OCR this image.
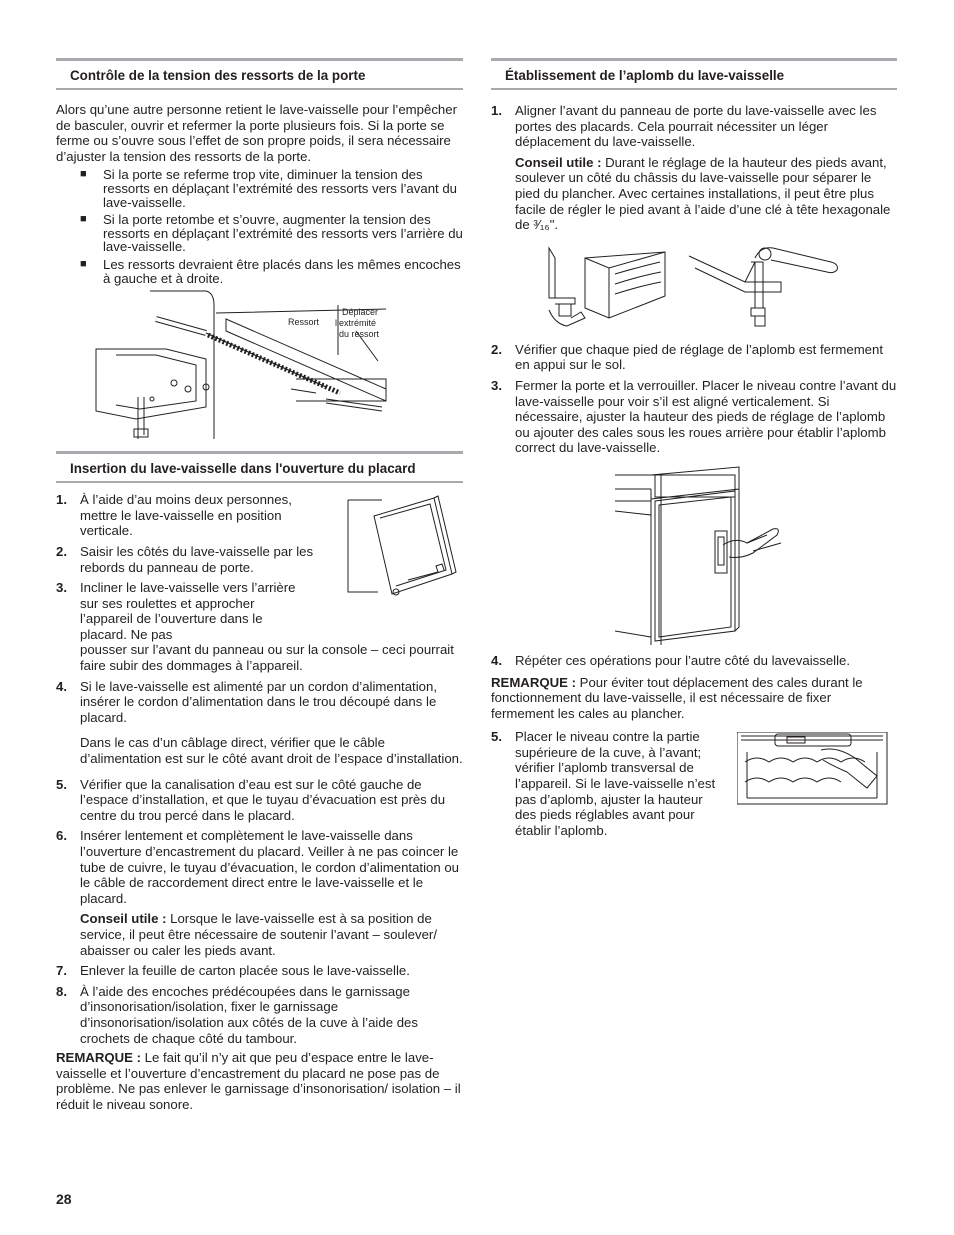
Contrôle de la tension des ressorts de la porte

Alors qu’une autre personne retient le lave-vaisselle pour l’empêcher de basculer, ouvrir et refermer la porte plusieurs fois. Si la porte se ferme ou s’ouvre sous l’effet de son propre poids, il sera nécessaire d’ajuster la tension des ressorts de la porte.

■ Si la porte se referme trop vite, diminuer la tension des ressorts en déplaçant l’extrémité des ressorts vers l’avant du lave-vaisselle.
■ Si la porte retombe et s’ouvre, augmenter la tension des ressorts en déplaçant l’extrémité des ressorts vers l’arrière du lave-vaisselle.
■ Les ressorts devraient être placés dans les mêmes encoches à gauche et à droite.
Ressort
Déplacer
l’extrémité
du ressort
Insertion du lave-vaisselle dans l'ouverture du placard
1. À l’aide d’au moins deux personnes, mettre le lave-vaisselle en position verticale.
2. Saisir les côtés du lave-vaisselle par les rebords du panneau de porte.
3. Incliner le lave-vaisselle vers l’arrière sur ses roulettes et approcher l’appareil de l’ouverture dans le placard. Ne pas
pousser sur l’avant du panneau ou sur la console – ceci pourrait faire subir des dommages à l’appareil.
4. Si le lave-vaisselle est alimenté par un cordon d’alimentation, insérer le cordon d’alimentation dans le trou découpé dans le placard.
Dans le cas d’un câblage direct, vérifier que le câble d’alimentation est sur le côté avant droit de l’espace d’installation.
5. Vérifier que la canalisation d’eau est sur le côté gauche de l’espace d’installation, et que le tuyau d’évacuation est près du centre du trou percé dans le placard.
6. Insérer lentement et complètement le lave-vaisselle dans l’ouverture d’encastrement du placard. Veiller à ne pas coincer le tube de cuivre, le tuyau d’évacuation, le cordon d’alimentation ou le câble de raccordement direct entre le lave-vaisselle et le placard.
Conseil utile : Lorsque le lave-vaisselle est à sa position de service, il peut être nécessaire de soutenir l’avant – soulever/ abaisser ou caler les pieds avant.
7. Enlever la feuille de carton placée sous le lave-vaisselle.
8. À l’aide des encoches prédécoupées dans le garnissage d’insonorisation/isolation, fixer le garnissage d’insonorisation/isolation aux côtés de la cuve à l’aide des crochets de chaque côté du tambour.

REMARQUE : Le fait qu’il n’y ait que peu d’espace entre le lave-vaisselle et l’ouverture d’encastrement du placard ne pose pas de problème. Ne pas enlever le garnissage d’insonorisation/ isolation – il réduit le niveau sonore.

Établissement de l’aplomb du lave-vaisselle
1. Aligner l’avant du panneau de porte du lave-vaisselle avec les portes des placards. Cela pourrait nécessiter un léger déplacement du lave-vaisselle.
Conseil utile : Durant le réglage de la hauteur des pieds avant, soulever un côté du châssis du lave-vaisselle pour séparer le pied du plancher. Avec certaines installations, il peut être plus facile de régler le pied avant à l’aide d’une clé à tête hexagonale de ³⁄₁₆".
2. Vérifier que chaque pied de réglage de l’aplomb est fermement en appui sur le sol.
3. Fermer la porte et la verrouiller. Placer le niveau contre l’avant du lave-vaisselle pour voir s’il est aligné verticalement. Si nécessaire, ajuster la hauteur des pieds de réglage de l’aplomb ou ajouter des cales sous les roues arrière pour établir l’aplomb correct du lave-vaisselle.
4. Répéter ces opérations pour l’autre côté du lavevaisselle.

REMARQUE : Pour éviter tout déplacement des cales durant le fonctionnement du lave-vaisselle, il est nécessaire de fixer fermement les cales au plancher.

5. Placer le niveau contre la partie supérieure de la cuve, à l’avant; vérifier l’aplomb transversal de l’appareil. Si le lave-vaisselle n’est pas d’aplomb, ajuster la hauteur des pieds réglables avant pour établir l’aplomb.
28
